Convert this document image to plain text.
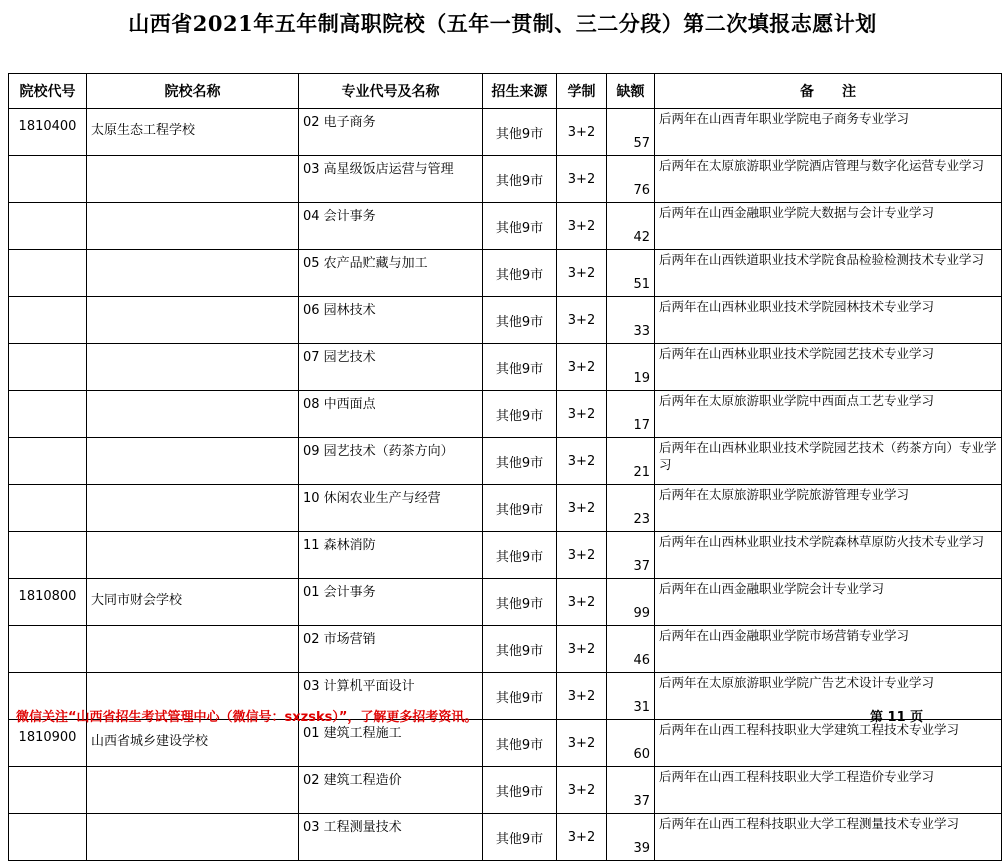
山西省2021年五年制高职院校（五年一贯制、三二分段）第二次填报志愿计划
院校代号	院校名称	专业代号及名称	招生来源	学制	缺额	备　　注
1810400	太原生态工程学校	02 电子商务	其他9市	3+2	57	后两年在山西青年职业学院电子商务专业学习
		03 高星级饭店运营与管理	其他9市	3+2	76	后两年在太原旅游职业学院酒店管理与数字化运营专业学习
		04 会计事务	其他9市	3+2	42	后两年在山西金融职业学院大数据与会计专业学习
		05 农产品贮藏与加工	其他9市	3+2	51	后两年在山西铁道职业技术学院食品检验检测技术专业学习
		06 园林技术	其他9市	3+2	33	后两年在山西林业职业技术学院园林技术专业学习
		07 园艺技术	其他9市	3+2	19	后两年在山西林业职业技术学院园艺技术专业学习
		08 中西面点	其他9市	3+2	17	后两年在太原旅游职业学院中西面点工艺专业学习
		09 园艺技术（药茶方向）	其他9市	3+2	21	后两年在山西林业职业技术学院园艺技术（药茶方向）专业学习
		10 休闲农业生产与经营	其他9市	3+2	23	后两年在太原旅游职业学院旅游管理专业学习
		11 森林消防	其他9市	3+2	37	后两年在山西林业职业技术学院森林草原防火技术专业学习
1810800	大同市财会学校	01 会计事务	其他9市	3+2	99	后两年在山西金融职业学院会计专业学习
		02 市场营销	其他9市	3+2	46	后两年在山西金融职业学院市场营销专业学习
		03 计算机平面设计	其他9市	3+2	31	后两年在太原旅游职业学院广告艺术设计专业学习
1810900	山西省城乡建设学校	01 建筑工程施工	其他9市	3+2	60	后两年在山西工程科技职业大学建筑工程技术专业学习
		02 建筑工程造价	其他9市	3+2	37	后两年在山西工程科技职业大学工程造价专业学习
		03 工程测量技术	其他9市	3+2	39	后两年在山西工程科技职业大学工程测量技术专业学习
微信关注“山西省招生考试管理中心（微信号：sxzsks）”，了解更多招考资讯。	第 11 页
